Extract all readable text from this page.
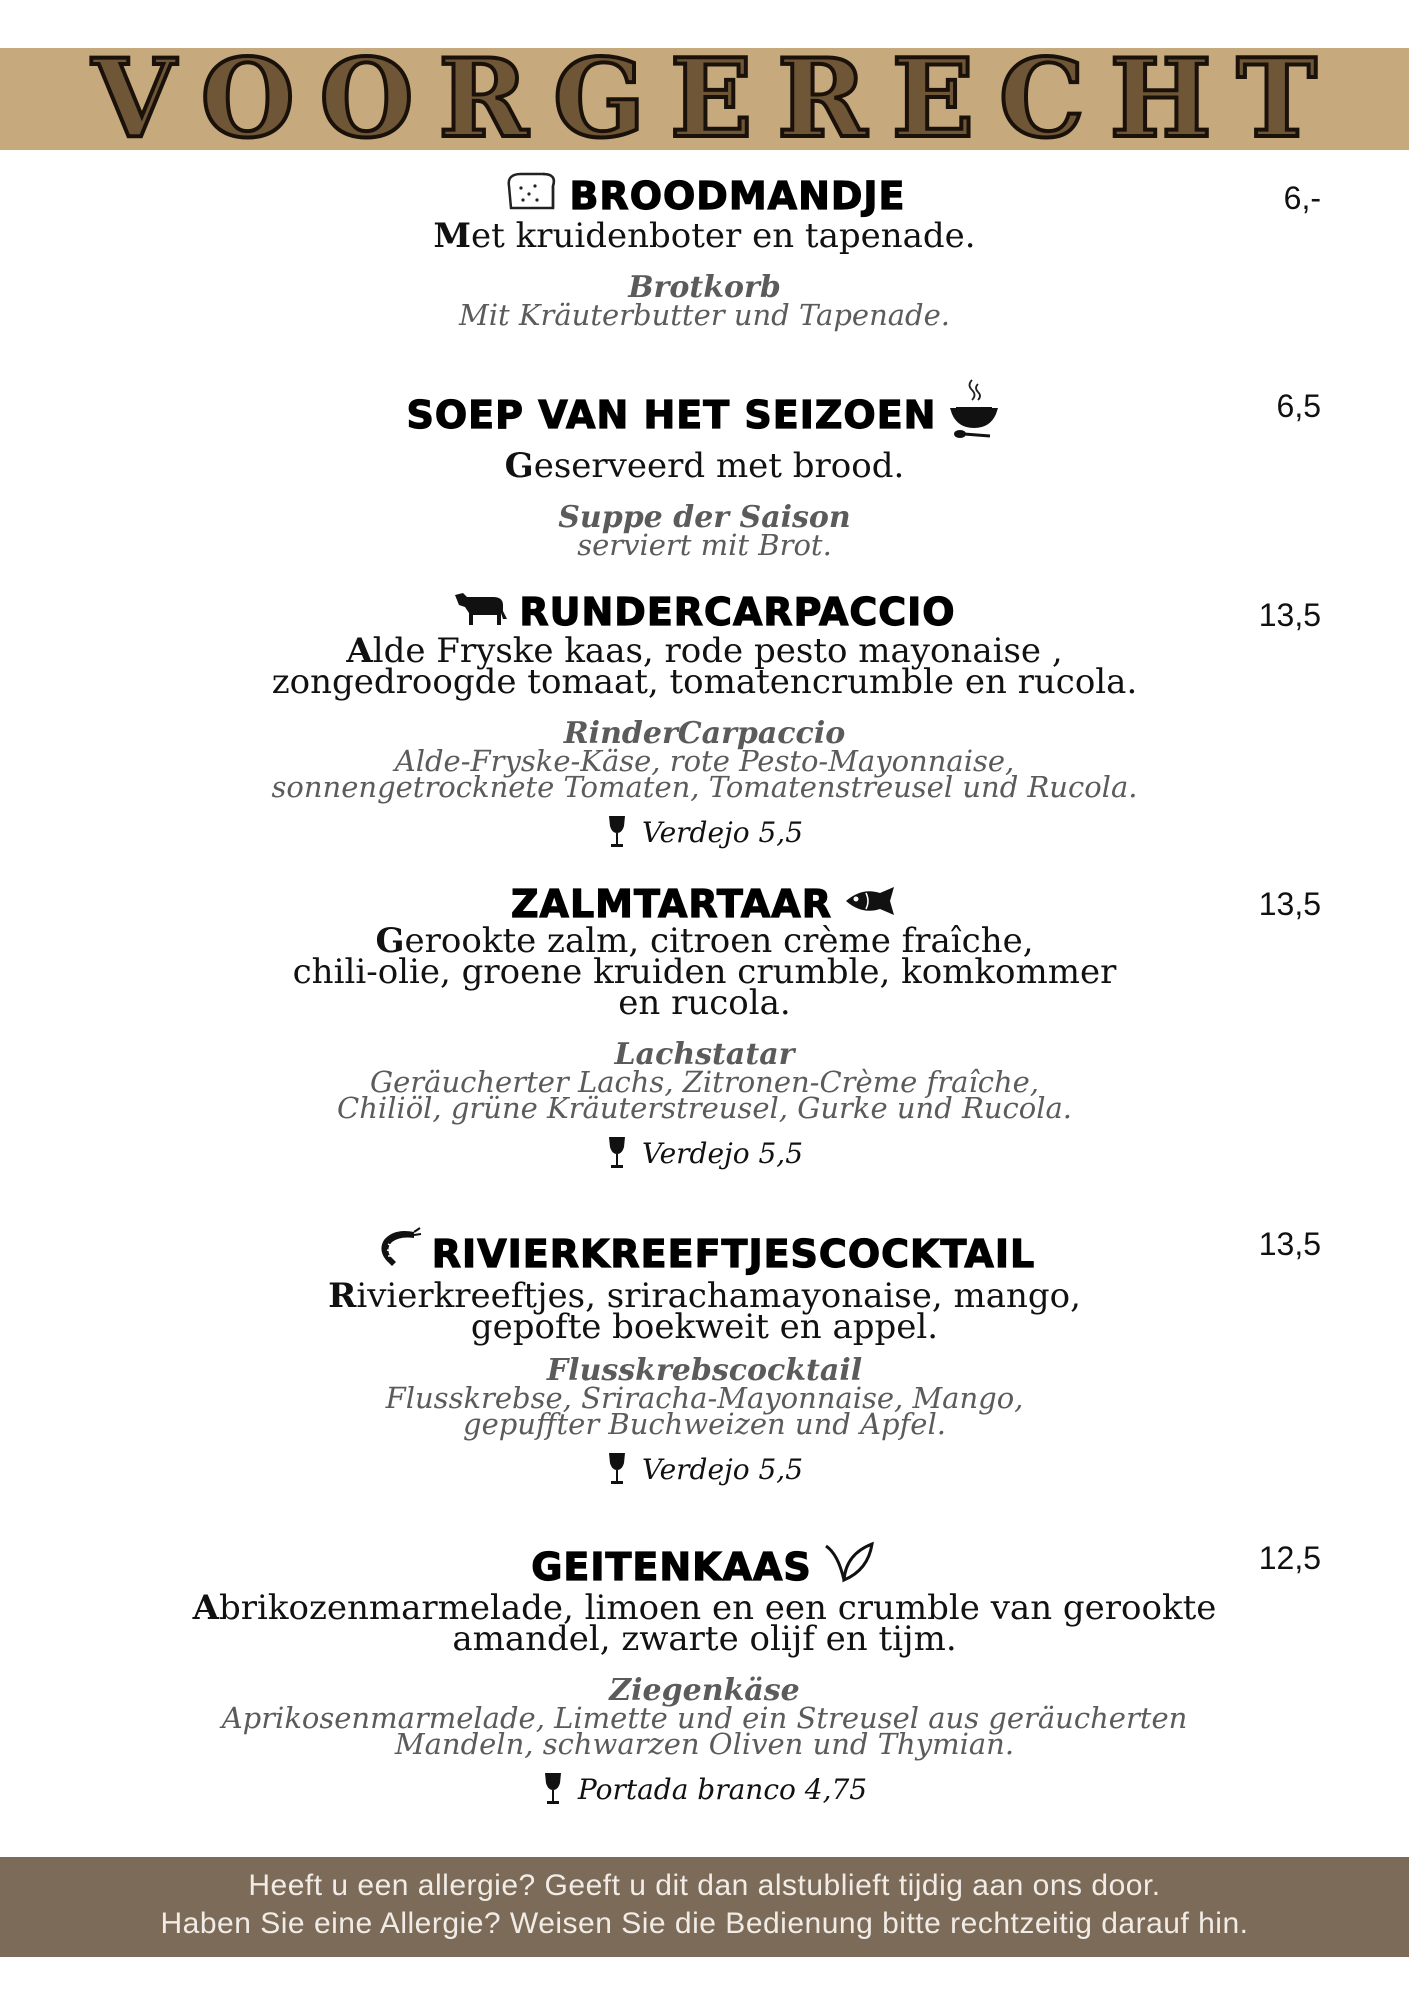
V O O R G E R E C H T
BROODMANDJE
Met kruidenboter en tapenade.
Brotkorb
Mit Kräuterbutter und Tapenade.
6,-
SOEP VAN HET SEIZOEN
Geserveerd met brood.
Suppe der Saison
serviert mit Brot.
6,5
RUNDERCARPACCIO
Alde Fryske kaas, rode pesto mayonaise ,
zongedroogde tomaat, tomatencrumble en rucola.
RinderCarpaccio
Alde-Fryske-Käse, rote Pesto-Mayonnaise,
sonnengetrocknete Tomaten, Tomatenstreusel und Rucola.
Verdejo 5,5
13,5
ZALMTARTAAR
Gerookte zalm, citroen crème fraîche,
chili-olie, groene kruiden crumble, komkommer
en rucola.
Lachstatar
Geräucherter Lachs, Zitronen-Crème fraîche,
Chiliöl, grüne Kräuterstreusel, Gurke und Rucola.
Verdejo 5,5
13,5
RIVIERKREEFTJESCOCKTAIL
Rivierkreeftjes, srirachamayonaise, mango,
gepofte boekweit en appel.
Flusskrebscocktail
Flusskrebse, Sriracha-Mayonnaise, Mango,
gepuffter Buchweizen und Apfel.
Verdejo 5,5
13,5
GEITENKAAS
Abrikozenmarmelade, limoen en een crumble van gerookte
amandel, zwarte olijf en tijm.
Ziegenkäse
Aprikosenmarmelade, Limette und ein Streusel aus geräucherten
Mandeln, schwarzen Oliven und Thymian.
Portada branco 4,75
12,5
Heeft u een allergie? Geeft u dit dan alstublieft tijdig aan ons door.
Haben Sie eine Allergie? Weisen Sie die Bedienung bitte rechtzeitig darauf hin.
